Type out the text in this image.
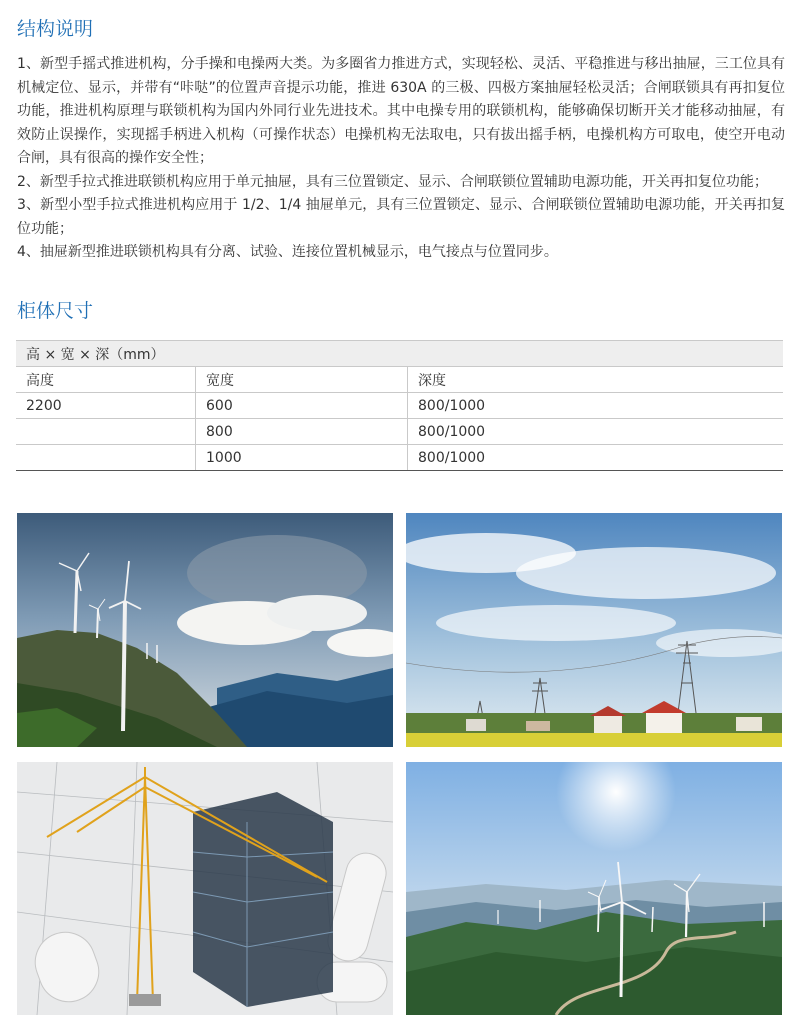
结构说明

1、新型手摇式推进机构，分手操和电操两大类。为多圈省力推进方式，实现轻松、灵活、平稳推进与移出抽屉，三工位具有机械定位、显示，并带有“咔哒”的位置声音提示功能，推进 630A 的三极、四极方案抽屉轻松灵活；合闸联锁具有再扣复位功能，推进机构原理与联锁机构为国内外同行业先进技术。其中电操专用的联锁机构，能够确保切断开关才能移动抽屉，有效防止误操作，实现摇手柄进入机构（可操作状态）电操机构无法取电，只有拔出摇手柄，电操机构方可取电，使空开电动合闸，具有很高的操作安全性；

2、新型手拉式推进联锁机构应用于单元抽屉，具有三位置锁定、显示、合闸联锁位置辅助电源功能，开关再扣复位功能；

3、新型小型手拉式推进机构应用于 1/2、1/4 抽屉单元，具有三位置锁定、显示、合闸联锁位置辅助电源功能，开关再扣复位功能；

4、抽屉新型推进联锁机构具有分离、试验、连接位置机械显示，电气接点与位置同步。

柜体尺寸
高 × 宽 × 深（mm）		
高度	宽度	深度
2200	600	800/1000
	800	800/1000
	1000	800/1000
